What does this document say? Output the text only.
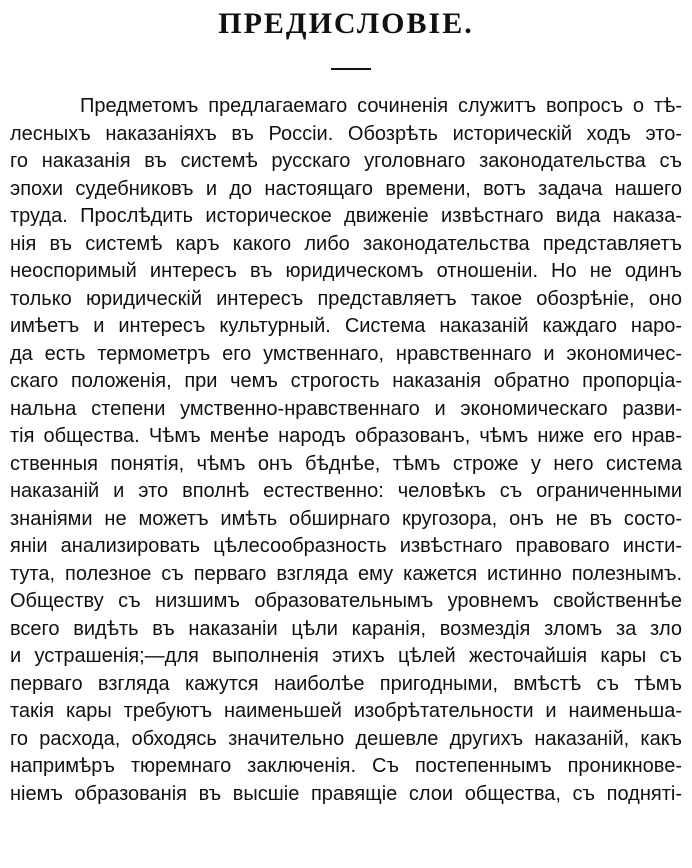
ПРЕДИСЛОВІЕ.
Предметомъ предлагаемаго сочиненія служитъ вопросъ о тѣ-
лесныхъ наказаніяхъ въ Россіи. Обозрѣть историческій ходъ это-
го наказанія въ системѣ русскаго уголовнаго законодательства съ
эпохи судебниковъ и до настоящаго времени, вотъ задача нашего
труда. Прослѣдить историческое движеніе извѣстнаго вида наказа-
нія въ системѣ каръ какого либо законодательства представляетъ
неоспоримый интересъ въ юридическомъ отношеніи. Но не одинъ
только юридическій интересъ представляетъ такое обозрѣніе, оно
имѣетъ и интересъ культурный. Система наказаній каждаго наро-
да есть термометръ его умственнаго, нравственнаго и экономичес-
скаго положенія, при чемъ строгость наказанія обратно пропорціа-
нальна степени умственно-нравственнаго и экономическаго разви-
тія общества. Чѣмъ менѣе народъ образованъ, чѣмъ ниже его нрав-
ственныя понятія, чѣмъ онъ бѣднѣе, тѣмъ строже у него система
наказаній и это вполнѣ естественно: человѣкъ съ ограниченными
знаніями не можетъ имѣть обширнаго кругозора, онъ не въ состо-
яніи анализировать цѣлесообразность извѣстнаго правоваго инсти-
тута, полезное съ перваго взгляда ему кажется истинно полезнымъ.
Обществу съ низшимъ образовательнымъ уровнемъ свойственнѣе
всего видѣть въ наказаніи цѣли каранія, возмездія зломъ за зло
и устрашенія;—для выполненія этихъ цѣлей жесточайшія кары съ
перваго взгляда кажутся наиболѣе пригодными, вмѣстѣ съ тѣмъ
такія кары требуютъ наименьшей изобрѣтательности и наименьша-
го расхода, обходясь значительно дешевле другихъ наказаній, какъ
напримѣръ тюремнаго заключенія. Съ постепеннымъ проникнове-
ніемъ образованія въ высшіе правящіе слои общества, съ подняті-
